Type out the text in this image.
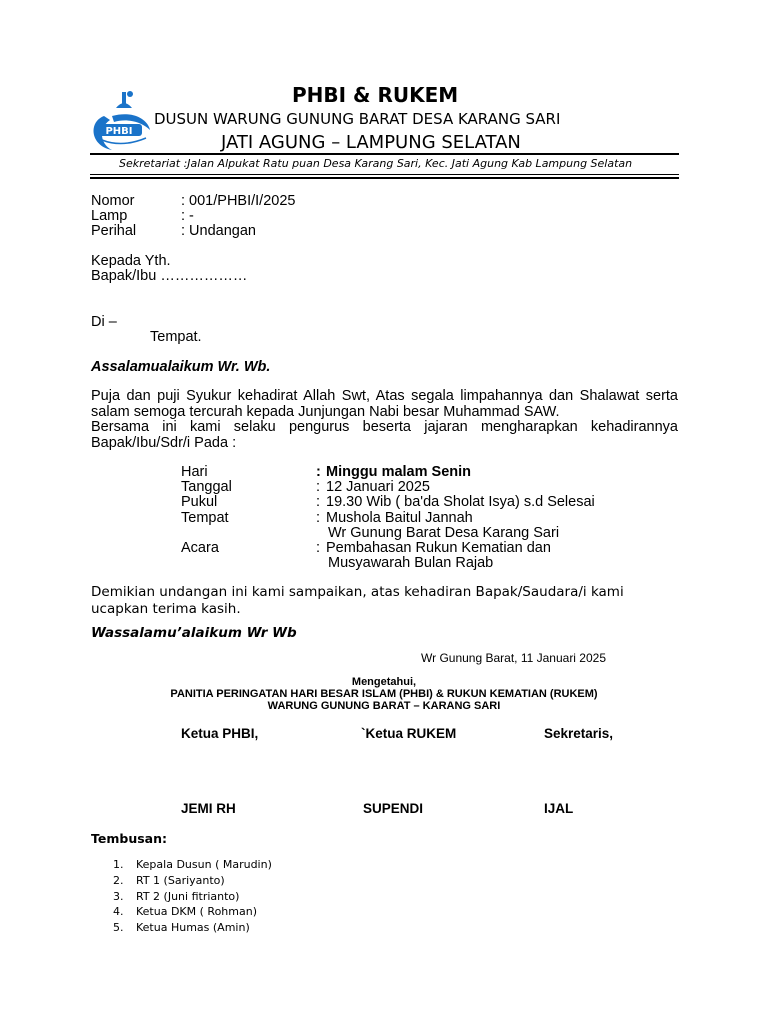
PHBI
PHBI & RUKEM
DUSUN WARUNG GUNUNG BARAT DESA KARANG SARI
JATI AGUNG – LAMPUNG SELATAN
Sekretariat :Jalan Alpukat Ratu puan Desa Karang Sari, Kec. Jati Agung Kab Lampung Selatan
Nomor	: 001/PHBI/I/2025
Lamp	: -
Perihal	: Undangan
Kepada Yth.
Bapak/Ibu ………………
Di –
Tempat.
Assalamualaikum Wr. Wb.
Puja dan puji Syukur kehadirat Allah Swt, Atas segala limpahannya dan Shalawat serta
salam semoga tercurah kepada Junjungan Nabi besar Muhammad SAW.
Bersama ini kami selaku pengurus beserta jajaran mengharapkan kehadirannya
Bapak/Ibu/Sdr/i Pada :
Hari	: Minggu malam Senin
Tanggal	: 12 Januari 2025
Pukul	: 19.30 Wib ( ba'da Sholat Isya) s.d Selesai
Tempat	: Mushola Baitul Jannah
Wr Gunung Barat Desa Karang Sari
Acara	: Pembahasan Rukun Kematian dan
Musyawarah Bulan Rajab
Demikian undangan ini kami sampaikan, atas kehadiran Bapak/Saudara/i kami
ucapkan terima kasih.
Wassalamu’alaikum Wr Wb
Wr Gunung Barat, 11 Januari 2025
Mengetahui,
PANITIA PERINGATAN HARI BESAR ISLAM (PHBI) & RUKUN KEMATIAN (RUKEM)
WARUNG GUNUNG BARAT – KARANG SARI
Ketua PHBI,	`Ketua RUKEM	Sekretaris,
JEMI RH	SUPENDI	IJAL
Tembusan:
1. Kepala Dusun ( Marudin)
2. RT 1 (Sariyanto)
3. RT 2 (Juni fitrianto)
4. Ketua DKM ( Rohman)
5. Ketua Humas (Amin)
